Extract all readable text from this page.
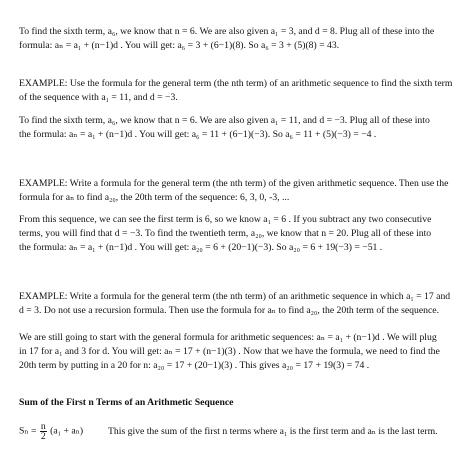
To find the sixth term, a₆, we know that n = 6. We are also given a₁ = 3, and d = 8. Plug all of these into the
formula: aₙ = a₁ + (n−1)d . You will get: a₆ = 3 + (6−1)(8). So a₆ = 3 + (5)(8) = 43.

EXAMPLE: Use the formula for the general term (the nth term) of an arithmetic sequence to find the sixth term
of the sequence with a₁ = 11, and d = −3.

To find the sixth term, a₆, we know that n = 6. We are also given a₁ = 11, and d = −3. Plug all of these into
the formula: aₙ = a₁ + (n−1)d . You will get: a₆ = 11 + (6−1)(−3). So a₆ = 11 + (5)(−3) = −4 .

EXAMPLE: Write a formula for the general term (the nth term) of the given arithmetic sequence. Then use the
formula for aₙ to find a₂₀, the 20th term of the sequence: 6, 3, 0, -3, ...

From this sequence, we can see the first term is 6, so we know a₁ = 6 . If you subtract any two consecutive
terms, you will find that d = −3. To find the twentieth term, a₂₀, we know that n = 20. Plug all of these into
the formula: aₙ = a₁ + (n−1)d . You will get: a₂₀ = 6 + (20−1)(−3). So a₂₀ = 6 + 19(−3) = −51 .

EXAMPLE: Write a formula for the general term (the nth term) of an arithmetic sequence in which a₁ = 17 and
d = 3. Do not use a recursion formula. Then use the formula for aₙ to find a₂₀, the 20th term of the sequence.

We are still going to start with the general formula for arithmetic sequences: aₙ = a₁ + (n−1)d . We will plug
in 17 for a₁ and 3 for d. You will get: aₙ = 17 + (n−1)(3) . Now that we have the formula, we need to find the
20th term by putting in a 20 for n: a₂₀ = 17 + (20−1)(3) . This gives a₂₀ = 17 + 19(3) = 74 .

Sum of the First n Terms of an Arithmetic Sequence

$S_n = \frac{n}{2} (a_1 + a_n)$	This give the sum of the first n terms where a₁ is the first term and aₙ is the last term.
